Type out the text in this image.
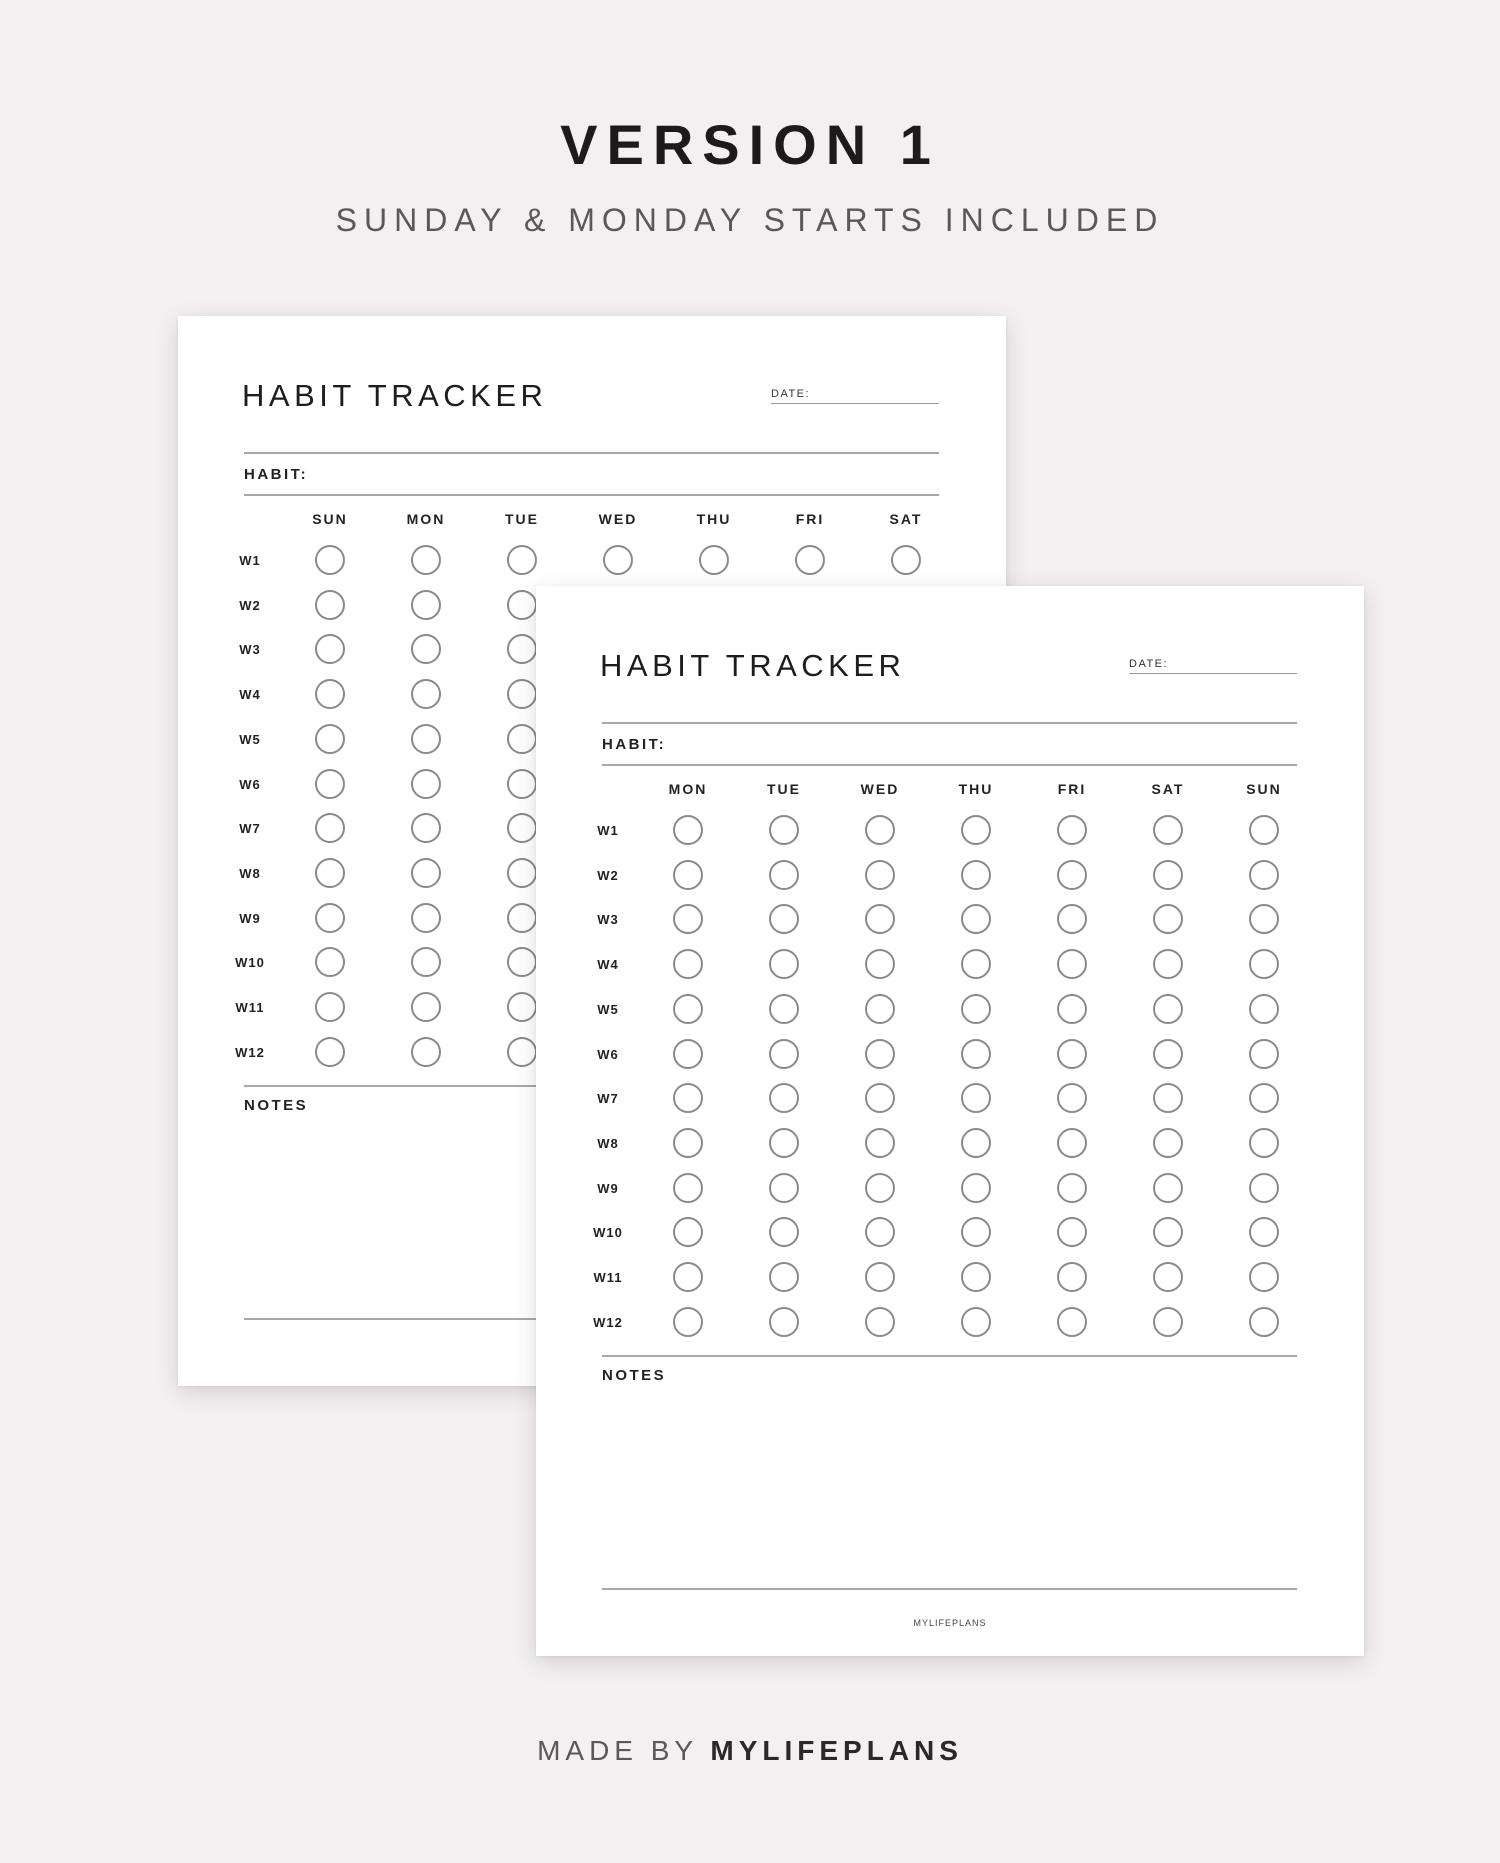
VERSION 1
SUNDAY & MONDAY STARTS INCLUDED
HABIT TRACKER	DATE:
HABIT:
SUN	MON	TUE	WED	THU	FRI	SAT
W1
W2
W3
W4
W5
W6
W7
W8
W9
W10
W11
W12
NOTES
HABIT TRACKER	DATE:
HABIT:
MON	TUE	WED	THU	FRI	SAT	SUN
W1
W2
W3
W4
W5
W6
W7
W8
W9
W10
W11
W12
NOTES
MYLIFEPLANS
MADE BY MYLIFEPLANS
